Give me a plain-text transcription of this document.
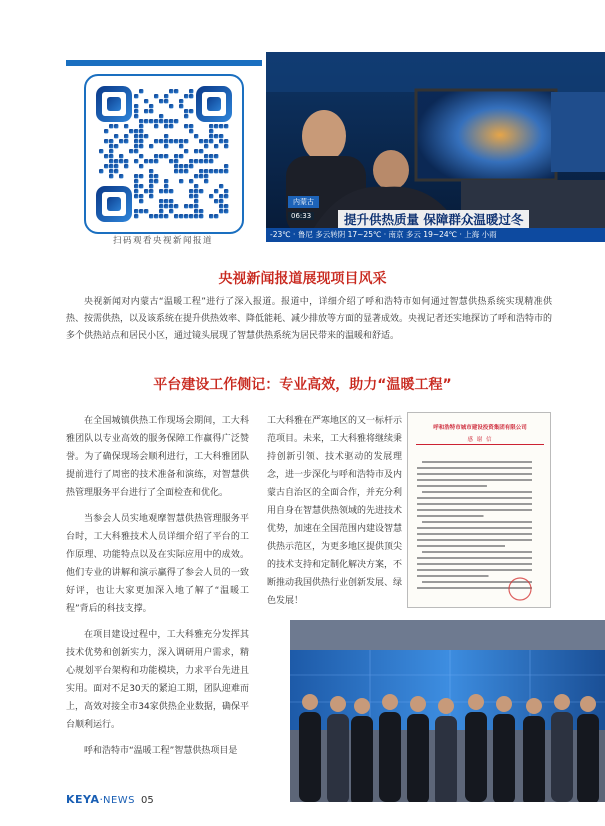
扫码观看央视新闻报道
内蒙古
06:33	提升供热质量 保障群众温暖过冬
-23℃ · 鲁尼 多云转阴 17~25℃ · 南京 多云 19~24℃ · 上海 小雨
央视新闻报道展现项目风采

央视新闻对内蒙古“温暖工程”进行了深入报道。报道中，详细介绍了呼和浩特市如何通过智慧供热系统实现精准供热、按需供热，以及该系统在提升供热效率、降低能耗、减少排放等方面的显著成效。央视记者还实地探访了呼和浩特市的多个供热站点和居民小区，通过镜头展现了智慧供热系统为居民带来的温暖和舒适。

平台建设工作侧记：专业高效，助力“温暖工程”

在全国城镇供热工作现场会期间，工大科雅团队以专业高效的服务保障工作赢得广泛赞誉。为了确保现场会顺利进行，工大科雅团队提前进行了周密的技术准备和演练，对智慧供热管理服务平台进行了全面检查和优化。

当参会人员实地观摩智慧供热管理服务平台时，工大科雅技术人员详细介绍了平台的工作原理、功能特点以及在实际应用中的成效。他们专业的讲解和演示赢得了参会人员的一致好评，也让大家更加深入地了解了“温暖工程”背后的科技支撑。

在项目建设过程中，工大科雅充分发挥其技术优势和创新实力，深入调研用户需求，精心规划平台架构和功能模块，力求平台先进且实用。面对不足30天的紧迫工期，团队迎难而上，高效对接全市34家供热企业数据，确保平台顺利运行。

呼和浩特市“温暖工程”智慧供热项目是

工大科雅在严寒地区的又一标杆示范项目。未来，工大科雅将继续秉持创新引领、技术驱动的发展理念，进一步深化与呼和浩特市及内蒙古自治区的全面合作，并充分利用自身在智慧供热领域的先进技术优势，加速在全国范围内建设智慧供热示范区，为更多地区提供顶尖的技术支持和定制化解决方案，不断推动我国供热行业创新发展、绿色发展！
呼和浩特市城市建设投资集团有限公司
感 谢 信
KEYA·NEWS 05
